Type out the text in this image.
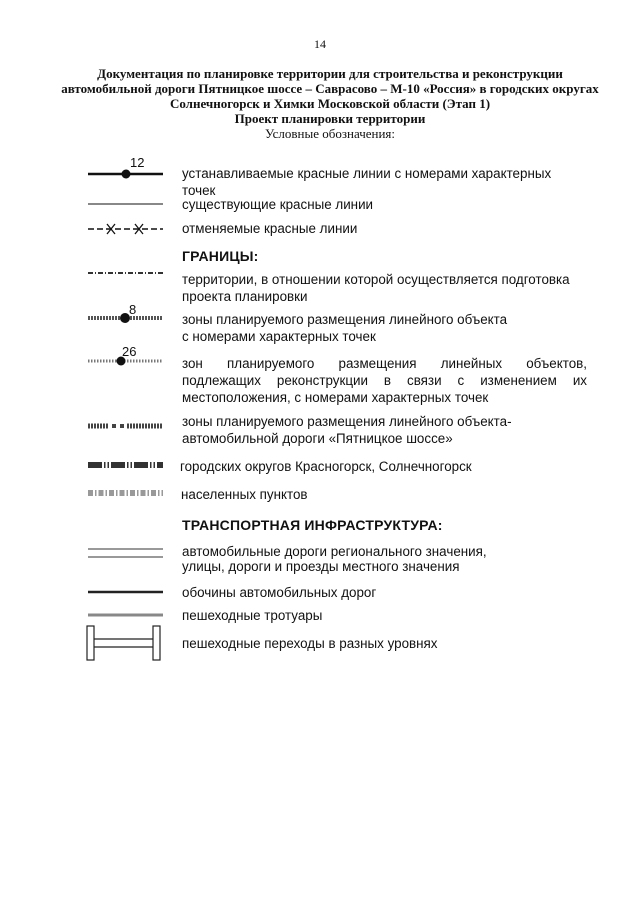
14
Документация по планировке территории для строительства и реконструкции
автомобильной дороги Пятницкое шоссе – Саврасово – М-10 «Россия» в городских округах
Солнечногорск и Химки Московской области (Этап 1)
Проект планировки территории
Условные обозначения:
12
устанавливаемые красные линии с номерами характерных
точек
существующие красные линии
отменяемые красные линии
ГРАНИЦЫ:
территории, в отношении которой осуществляется подготовка
проекта планировки
8
зоны планируемого размещения линейного объекта
с номерами характерных точек
26
зон планируемого размещения линейных объектов,
подлежащих реконструкции в связи с изменением их
местоположения, с номерами характерных точек
зоны планируемого размещения линейного объекта-
автомобильной дороги «Пятницкое шоссе»
городских округов Красногорск, Солнечногорск
населенных пунктов
ТРАНСПОРТНАЯ ИНФРАСТРУКТУРА:
автомобильные дороги регионального значения,
улицы, дороги и проезды местного значения
обочины автомобильных дорог
пешеходные тротуары
пешеходные переходы в разных уровнях
